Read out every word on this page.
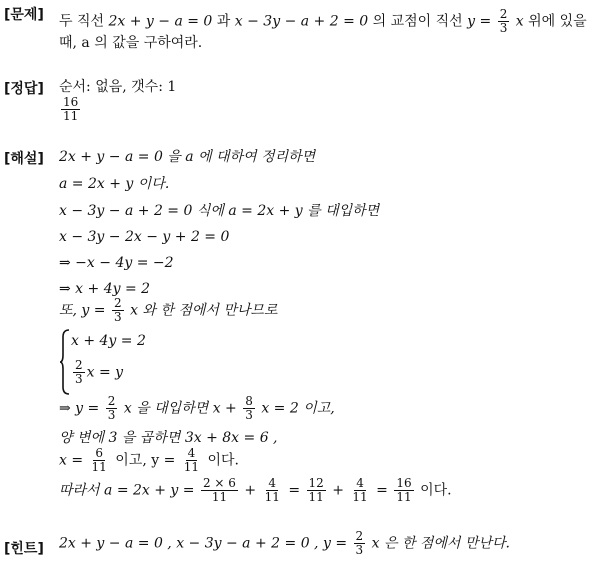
[문제] 두 직선 2x + y − a = 0 과 x − 3y − a + 2 = 0 의 교점이 직선 $y = \frac{2}{3}$ x 위에 있을
때, a 의 값을 구하여라.
[정답] 순서: 없음, 갯수: 1
$\frac{16}{11}$
[해설] 2x + y − a = 0 을 a 에 대하여 정리하면
a = 2x + y 이다.
x − 3y − a + 2 = 0 식에 a = 2x + y 를 대입하면
x − 3y − 2x − y + 2 = 0
⇒ −x − 4y = −2
⇒ x + 4y = 2
또, $y = \frac{2}{3}$ x 와 한 점에서 만나므로
x + 4y = 2
$\frac{2}{3}$ x = y
⇒ $y = \frac{2}{3}$ x 을 대입하면 $x + \frac{8}{3}$ x = 2 이고,
양 변에 3 을 곱하면 3x + 8x = 6 ,
$x = \frac{6}{11}$ 이고, $y = \frac{4}{11}$ 이다.
따라서 $a = 2x + y = \frac{2 \times 6}{11} + \frac{4}{11} = \frac{12}{11} + \frac{4}{11} = \frac{16}{11}$ 이다.
[힌트] 2x + y − a = 0 , x − 3y − a + 2 = 0 , $y = \frac{2}{3}$ x 은 한 점에서 만난다.
